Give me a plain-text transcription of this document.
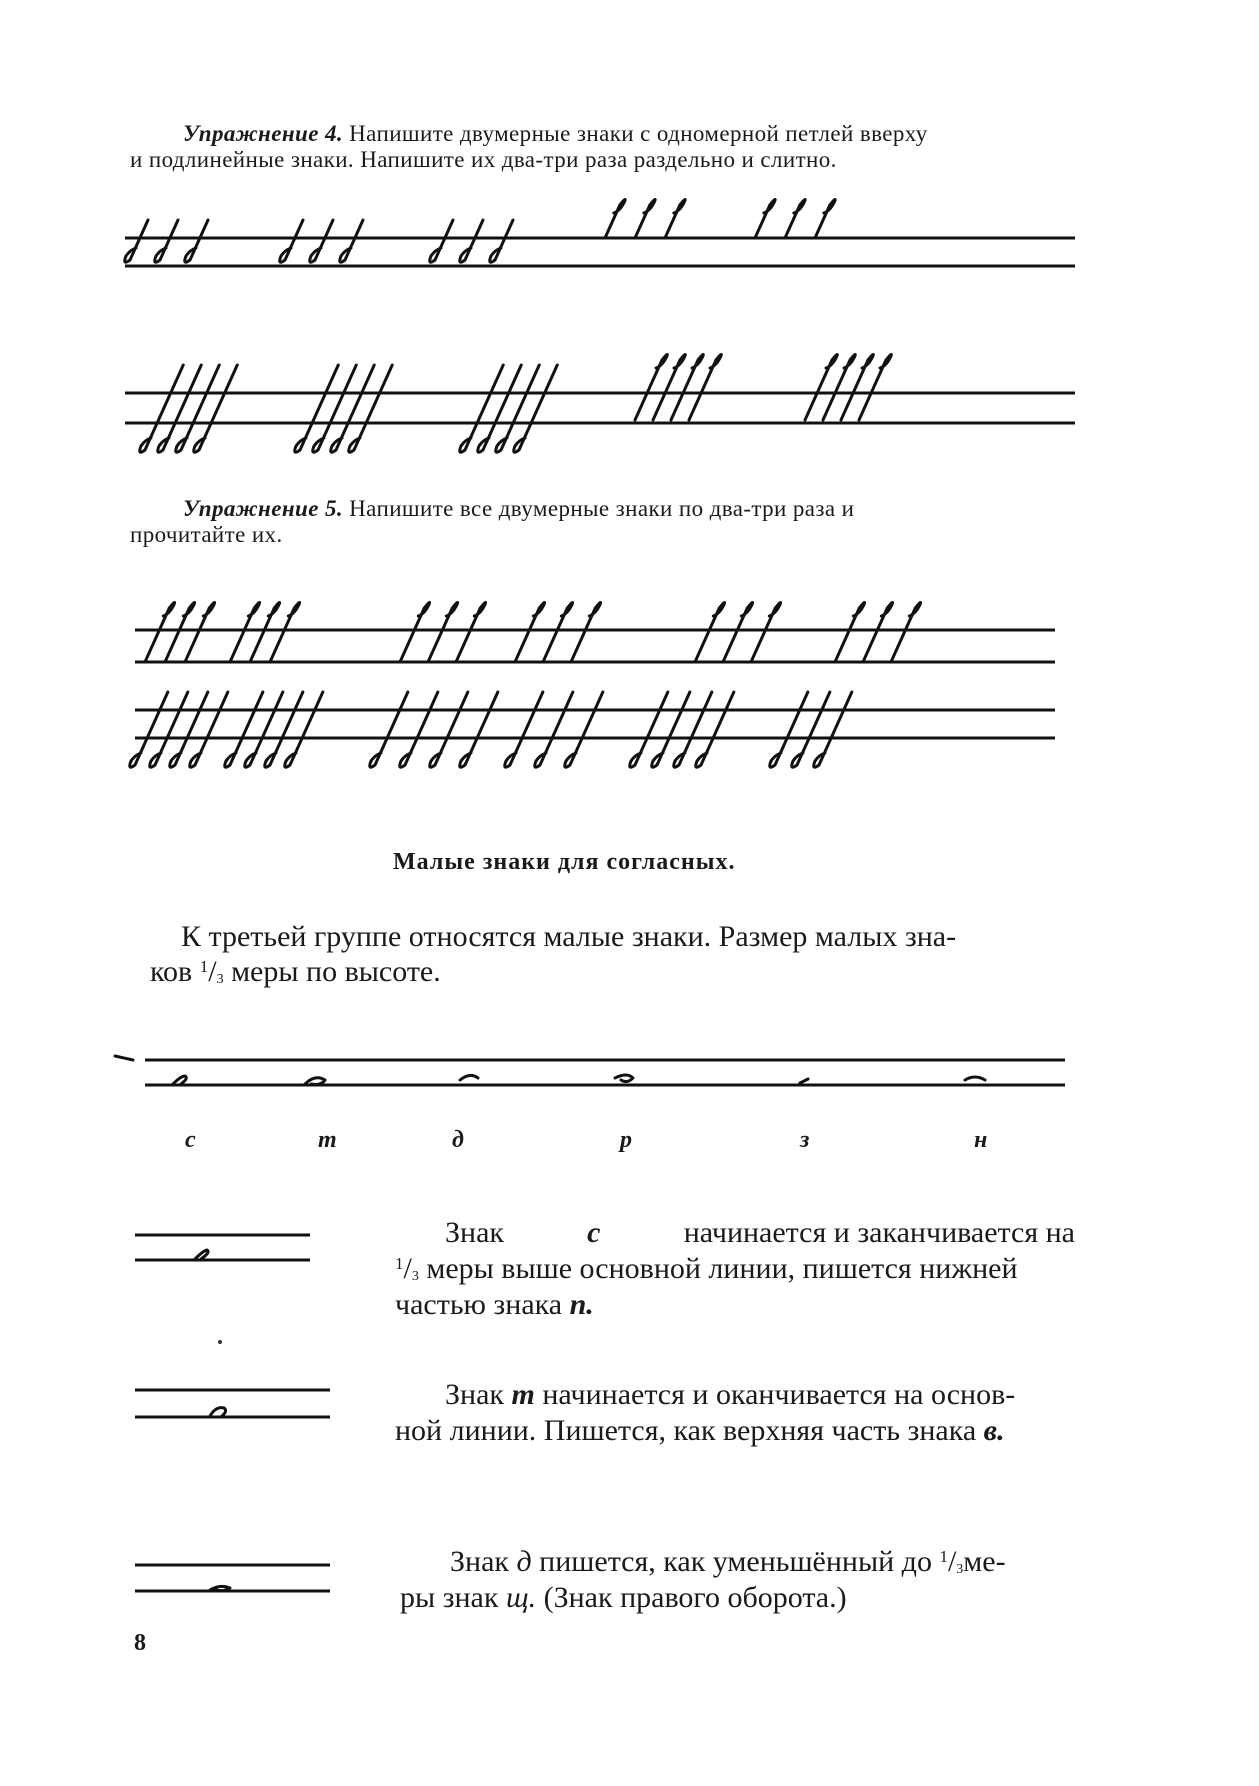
Упражнение 4. Напишите двумерные знаки с одномерной петлей вверху
и подлинейные знаки. Напишите их два-три раза раздельно и слитно.
Упражнение 5. Напишите все двумерные знаки по два-три раза и
прочитайте их.
Малые знаки для согласных.
К третьей группе относятся малые знаки. Размер малых зна-
ков $^1/_3$ меры по высоте.
с	т	д	р	з	н
Знак	с	начинается и заканчивается на
$^1/_3$ меры выше основной линии, пишется нижней
частью знака п.
Знак т начинается и оканчивается на основ-
ной линии. Пишется, как верхняя часть знака в.
Знак д пишется, как уменьшённый до $^1/_3ме-$
ры знак щ. (Знак правого оборота.)
8
